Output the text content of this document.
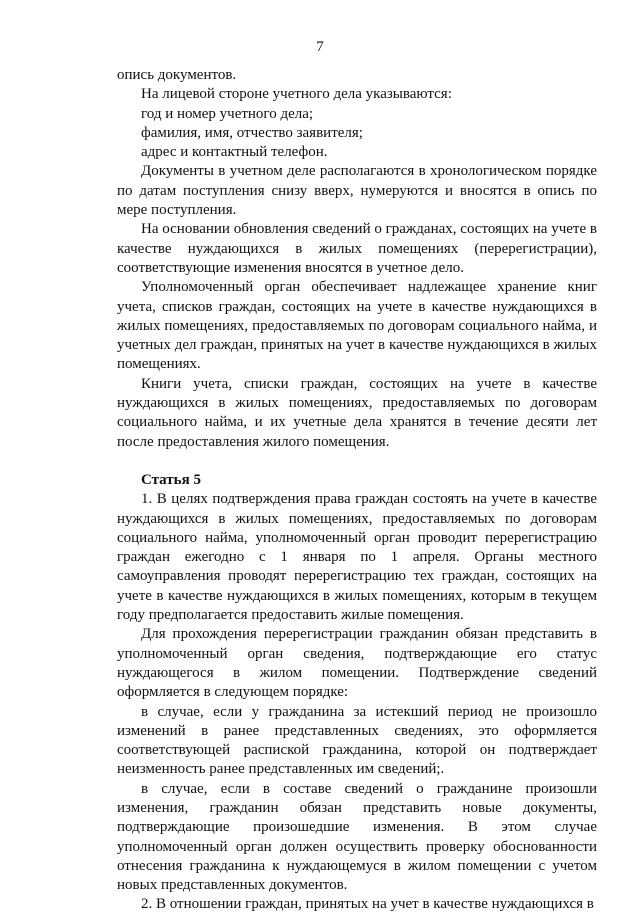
7

опись документов.

На лицевой стороне учетного дела указываются:

год и номер учетного дела;

фамилия, имя, отчество заявителя;

адрес и контактный телефон.

Документы в учетном деле располагаются в хронологическом порядке по датам поступления снизу вверх, нумеруются и вносятся в опись по мере поступления.

На основании обновления сведений о гражданах, состоящих на учете в качестве нуждающихся в жилых помещениях (перерегистрации), соответствующие изменения вносятся в учетное дело.

Уполномоченный орган обеспечивает надлежащее хранение книг учета, списков граждан, состоящих на учете в качестве нуждающихся в жилых помещениях, предоставляемых по договорам социального найма, и учетных дел граждан, принятых на учет в качестве нуждающихся в жилых помещениях.

Книги учета, списки граждан, состоящих на учете в качестве нуждающихся в жилых помещениях, предоставляемых по договорам социального найма, и их учетные дела хранятся в течение десяти лет после предоставления жилого помещения.

Статья 5

1. В целях подтверждения права граждан состоять на учете в качестве нуждающихся в жилых помещениях, предоставляемых по договорам социального найма, уполномоченный орган проводит перерегистрацию граждан ежегодно с 1 января по 1 апреля. Органы местного самоуправления проводят перерегистрацию тех граждан, состоящих на учете в качестве нуждающихся в жилых помещениях, которым в текущем году предполагается предоставить жилые помещения.

Для прохождения перерегистрации гражданин обязан представить в уполномоченный орган сведения, подтверждающие его статус нуждающегося в жилом помещении. Подтверждение сведений оформляется в следующем порядке:

в случае, если у гражданина за истекший период не произошло изменений в ранее представленных сведениях, это оформляется соответствующей распиской гражданина, которой он подтверждает неизменность ранее представленных им сведений;.

в случае, если в составе сведений о гражданине произошли изменения, гражданин обязан представить новые документы, подтверждающие произошедшие изменения. В этом случае уполномоченный орган должен осуществить проверку обоснованности отнесения гражданина к нуждающемуся в жилом помещении с учетом новых представленных документов.

2. В отношении граждан, принятых на учет в качестве нуждающихся в
